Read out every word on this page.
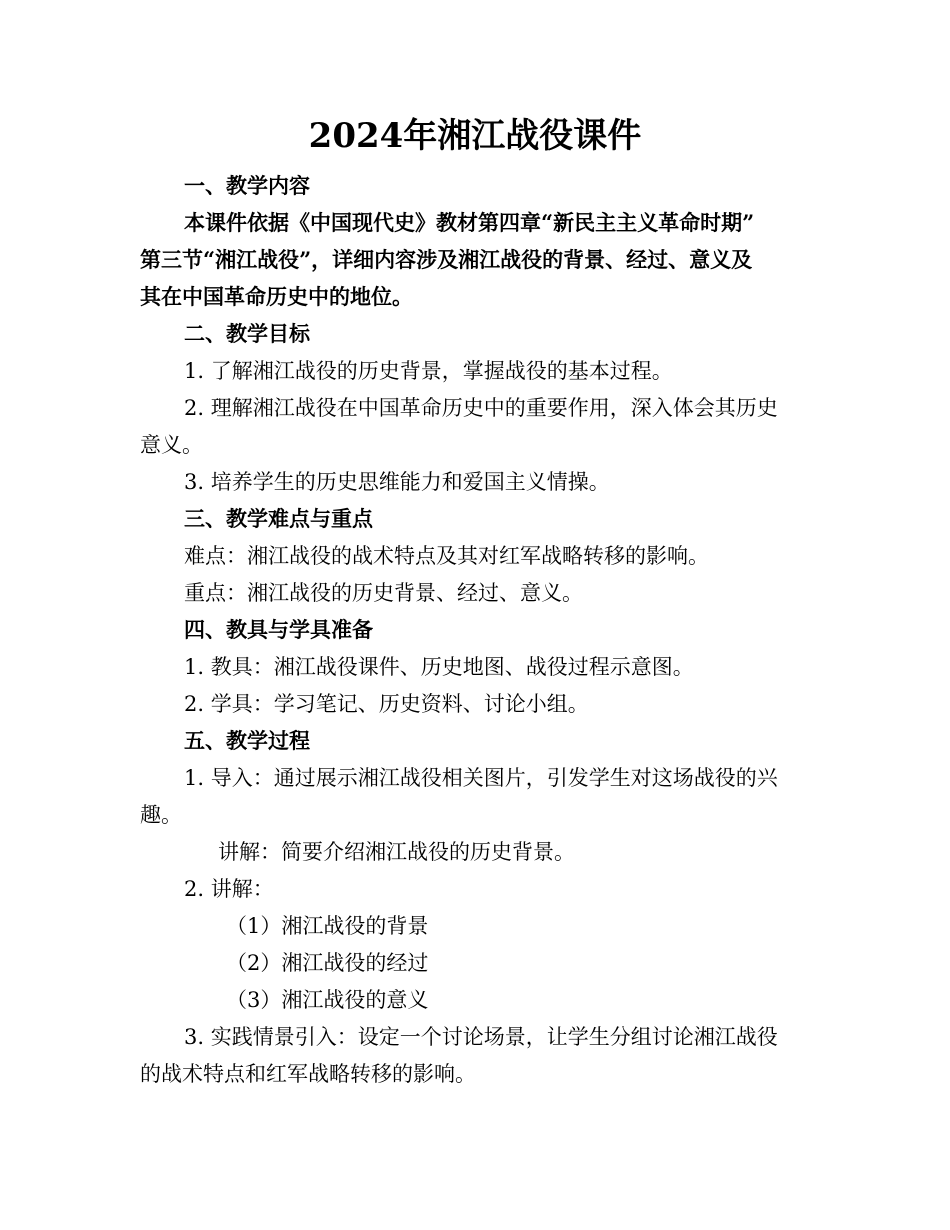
2024年湘江战役课件
一、教学内容
本课件依据《中国现代史》教材第四章“新民主主义革命时期”
第三节“湘江战役”，详细内容涉及湘江战役的背景、经过、意义及
其在中国革命历史中的地位。
二、教学目标
1. 了解湘江战役的历史背景，掌握战役的基本过程。
2. 理解湘江战役在中国革命历史中的重要作用，深入体会其历史
意义。
3. 培养学生的历史思维能力和爱国主义情操。
三、教学难点与重点
难点：湘江战役的战术特点及其对红军战略转移的影响。
重点：湘江战役的历史背景、经过、意义。
四、教具与学具准备
1. 教具：湘江战役课件、历史地图、战役过程示意图。
2. 学具：学习笔记、历史资料、讨论小组。
五、教学过程
1. 导入：通过展示湘江战役相关图片，引发学生对这场战役的兴
趣。
讲解：简要介绍湘江战役的历史背景。
2. 讲解：
（1）湘江战役的背景
（2）湘江战役的经过
（3）湘江战役的意义
3. 实践情景引入：设定一个讨论场景，让学生分组讨论湘江战役
的战术特点和红军战略转移的影响。
